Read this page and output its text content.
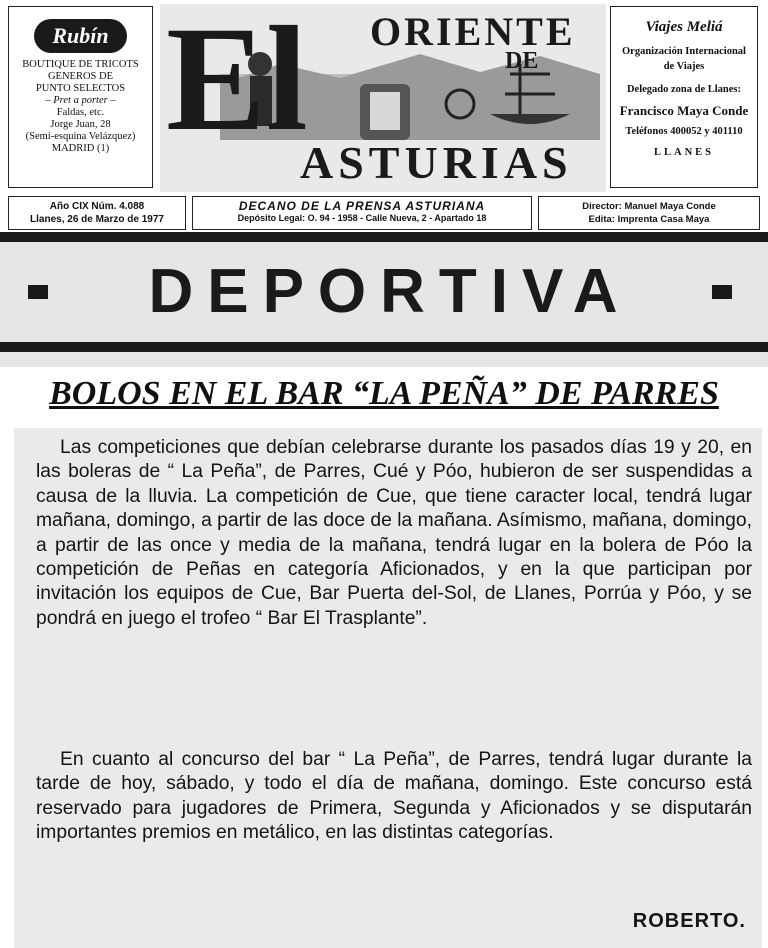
Rubín
BOUTIQUE DE TRICOTS
GENEROS DE
PUNTO SELECTOS
– Pret a porter –
Faldas, etc.
Jorge Juan, 28
(Semi-esquina Velázquez)
MADRID (1) El ORIENTE
DE
ASTURIAS
Viajes Meliá
Organización Internacional
de Viajes
Delegado zona de Llanes:
Francisco Maya Conde
Teléfonos 400052 y 401110
LLANES
Año CIX Núm. 4.088
Llanes, 26 de Marzo de 1977
DECANO DE LA PRENSA ASTURIANA
Depósito Legal: O. 94 - 1958 - Calle Nueva, 2 - Apartado 18
Director: Manuel Maya Conde
Edita: Imprenta Casa Maya
DEPORTIVA
BOLOS EN EL BAR “LA PEÑA” DE PARRES

Las competiciones que debían celebrarse durante los pasados días 19 y 20, en las boleras de “ La Peña”, de Parres, Cué y Póo, hubieron de ser suspendidas a causa de la lluvia. La competición de Cue, que tiene caracter local, tendrá lugar mañana, domingo, a partir de las doce de la mañana. Asímismo, mañana, domingo, a partir de las once y media de la mañana, tendrá lugar en la bolera de Póo la competición de Peñas en categoría Aficionados, y en la que participan por invitación los equipos de Cue, Bar Puerta del-Sol, de Llanes, Porrúa y Póo, y se pondrá en juego el trofeo “ Bar El Trasplante”.

En cuanto al concurso del bar “ La Peña”, de Parres, tendrá lugar durante la tarde de hoy, sábado, y todo el día de mañana, domingo. Este concurso está reservado para jugadores de Primera, Segunda y Aficionados y se disputarán importantes premios en metálico, en las distintas categorías.

ROBERTO.
